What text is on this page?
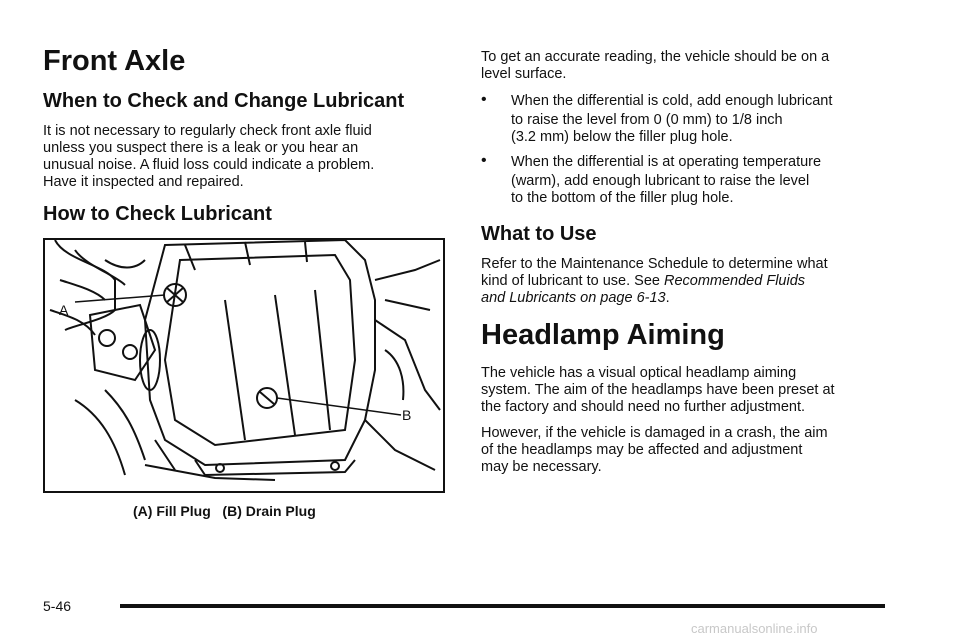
Front Axle
When to Check and Change Lubricant

It is not necessary to regularly check front axle fluid

unless you suspect there is a leak or you hear an

unusual noise. A fluid loss could indicate a problem.

Have it inspected and repaired.

How to Check Lubricant
A
B
(A) Fill Plug   (B) Drain Plug

To get an accurate reading, the vehicle should be on a

level surface.

• When the differential is cold, add enough lubricant
to raise the level from 0 (0 mm) to 1/8 inch
(3.2 mm) below the filler plug hole.
• When the differential is at operating temperature
(warm), add enough lubricant to raise the level
to the bottom of the filler plug hole.
What to Use

Refer to the Maintenance Schedule to determine what

kind of lubricant to use. See Recommended Fluids

and Lubricants on page 6-13.

Headlamp Aiming

The vehicle has a visual optical headlamp aiming

system. The aim of the headlamps have been preset at

the factory and should need no further adjustment.

However, if the vehicle is damaged in a crash, the aim

of the headlamps may be affected and adjustment

may be necessary.

5-46
carmanualsonline.info
